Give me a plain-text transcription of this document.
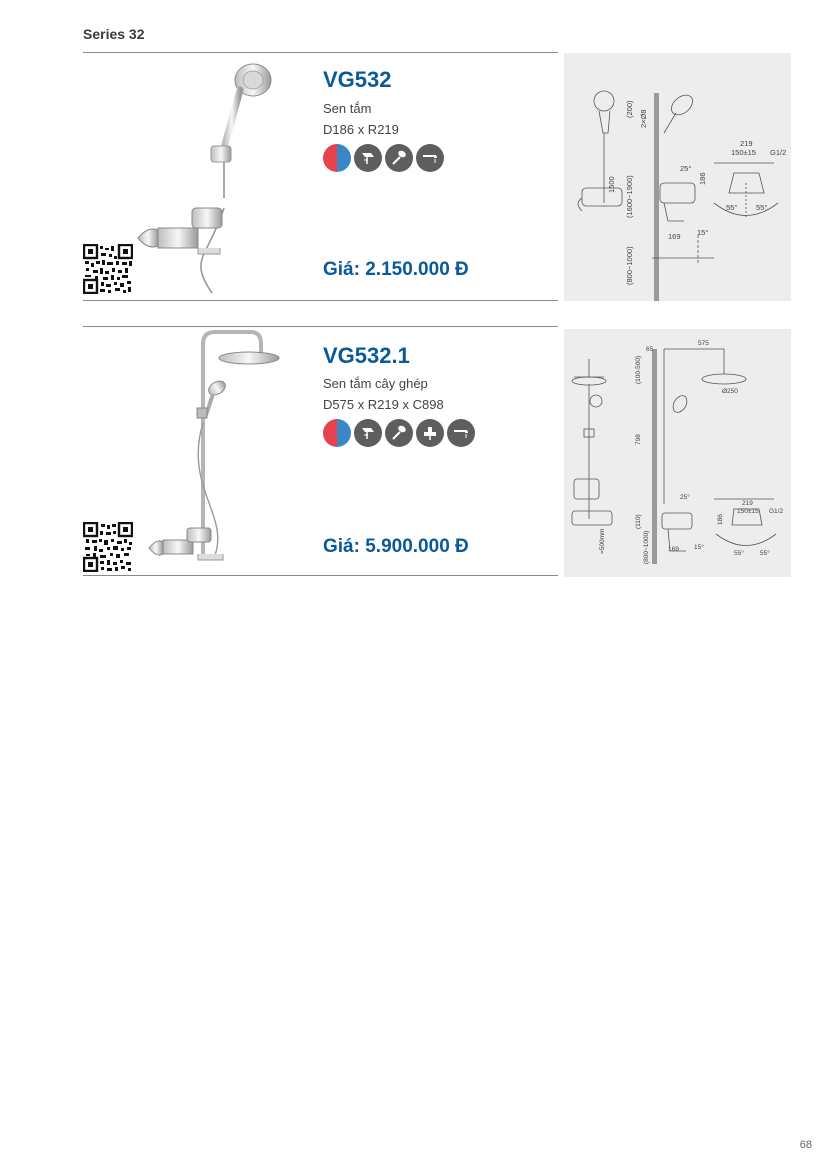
Series 32
VG532
Sen tắm
D186 x R219
Giá: 2.150.000 Đ
(200)
2×Ø8
(1600~1900)
(800~1000)
1500
25°
169 15°
186
219
150±15 G1/2
55° 55°
VG532.1
Sen tắm cây ghép
D575 x R219 x C898
Giá: 5.900.000 Đ
575
65
(100-500)
Ø250
798
(110)
(800~1000)
=500mm	169 15°
25°
186
219
150±15 G1/2
55° 55°
68
